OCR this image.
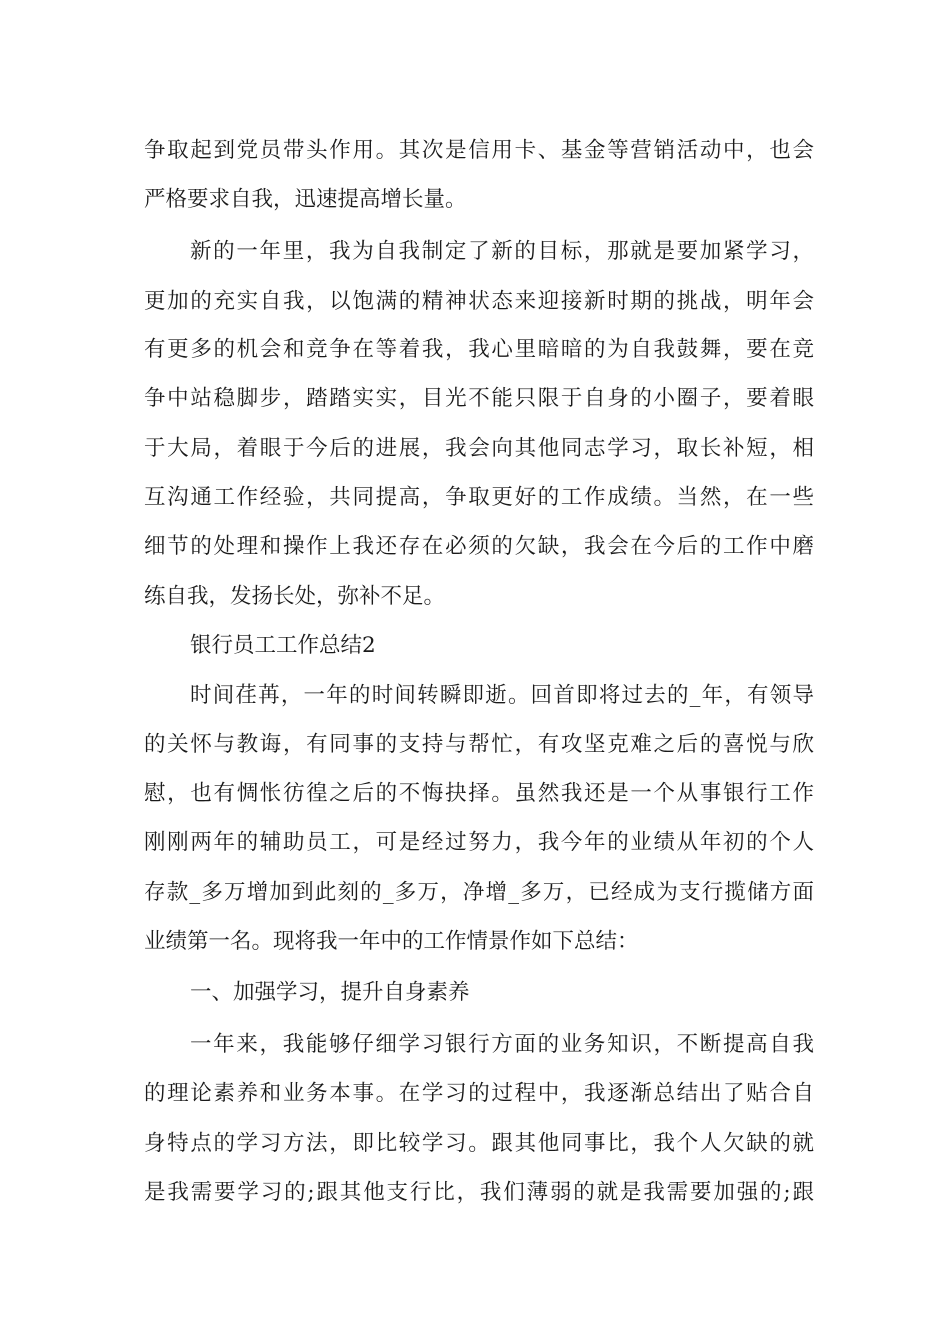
争取起到党员带头作用。其次是信用卡、基金等营销活动中，也会
严格要求自我，迅速提高增长量。
新的一年里，我为自我制定了新的目标，那就是要加紧学习，
更加的充实自我，以饱满的精神状态来迎接新时期的挑战，明年会
有更多的机会和竞争在等着我，我心里暗暗的为自我鼓舞，要在竞
争中站稳脚步，踏踏实实，目光不能只限于自身的小圈子，要着眼
于大局，着眼于今后的进展，我会向其他同志学习，取长补短，相
互沟通工作经验，共同提高，争取更好的工作成绩。当然，在一些
细节的处理和操作上我还存在必须的欠缺，我会在今后的工作中磨
练自我，发扬长处，弥补不足。
银行员工工作总结2
时间荏苒，一年的时间转瞬即逝。回首即将过去的_年，有领导
的关怀与教诲，有同事的支持与帮忙，有攻坚克难之后的喜悦与欣
慰，也有惆怅彷徨之后的不悔抉择。虽然我还是一个从事银行工作
刚刚两年的辅助员工，可是经过努力，我今年的业绩从年初的个人
存款_多万增加到此刻的_多万，净增_多万，已经成为支行揽储方面
业绩第一名。现将我一年中的工作情景作如下总结：
一、加强学习，提升自身素养
一年来，我能够仔细学习银行方面的业务知识，不断提高自我
的理论素养和业务本事。在学习的过程中，我逐渐总结出了贴合自
身特点的学习方法，即比较学习。跟其他同事比，我个人欠缺的就
是我需要学习的;跟其他支行比，我们薄弱的就是我需要加强的;跟
